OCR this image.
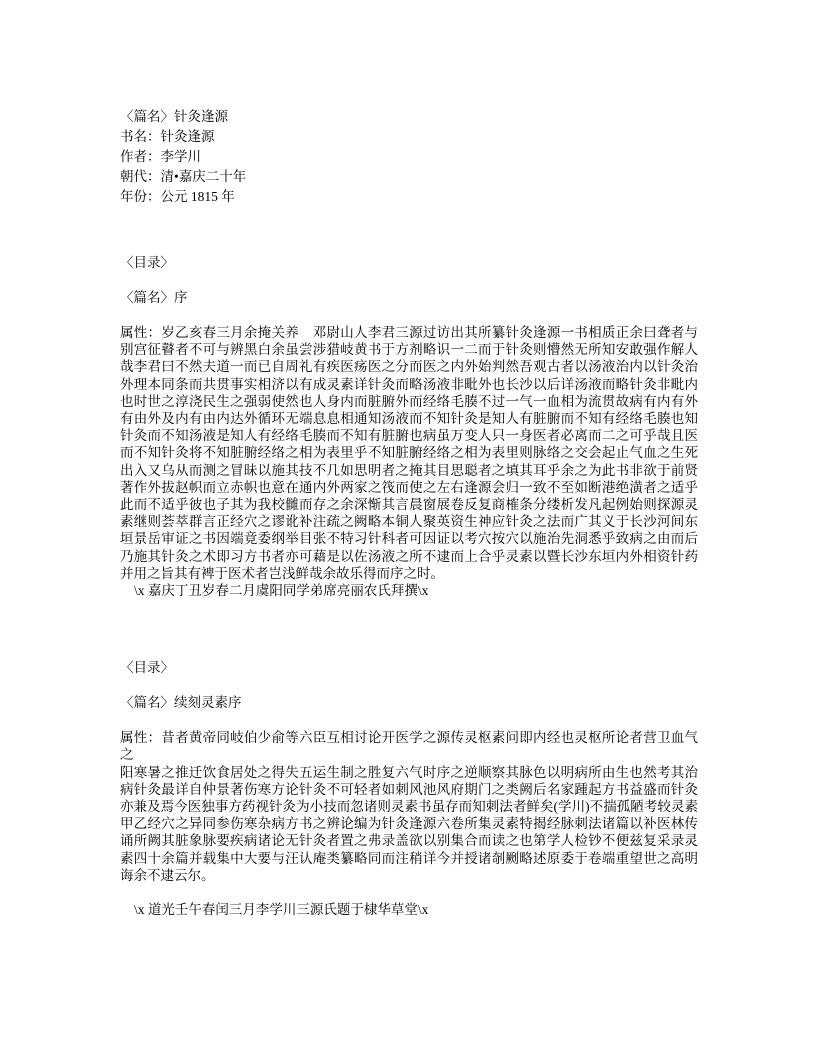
〈篇名〉针灸逢源
书名：针灸逢源
作者：李学川
朝代：清•嘉庆二十年
年份：公元 1815 年
〈目录〉
〈篇名〉序

属性：岁乙亥春三月余掩关养　邓尉山人李君三源过访出其所纂针灸逢源一书相质正余曰聋者与别宫征瞽者不可与辨黑白余虽尝涉猎岐黄书于方剂略识一二而于针灸则懵然无所知安敢强作解人哉李君曰不然夫道一而已自周礼有疾医疡医之分而医之内外始判然吾观古者以汤液治内以针灸治外理本同条而共贯事实相济以有成灵素详针灸而略汤液非毗外也长沙以后详汤液而略针灸非毗内也时世之淳浇民生之强弱使然也人身内而脏腑外而经络毛腠不过一气一血相为流贯故病有内有外有由外及内有由内达外循环无端息息相通知汤液而不知针灸是知人有脏腑而不知有经络毛腠也知针灸而不知汤液是知人有经络毛腠而不知有脏腑也病虽万变人只一身医者必离而二之可乎哉且医而不知针灸将不知脏腑经络之相为表里乎不知脏腑经络之相为表里则脉络之交会起止气血之生死出入又乌从而测之冒昧以施其技不几如思明者之掩其目思聪者之填其耳乎余之为此书非欲于前贤著作外拔赵帜而立赤帜也意在通内外两家之筏而使之左右逢源会归一致不至如断港绝潢者之适乎此而不适乎彼也子其为我校雠而存之余深惭其言晨窗展卷反复商榷条分缕析发凡起例始则探源灵素继则荟萃群言正经穴之谬讹补注疏之阙略本铜人聚英资生神应针灸之法而广其义于长沙河间东垣景岳审证之书因端竟委纲举目张不特习针科者可因证以考穴按穴以施治先洞悉乎致病之由而后乃施其针灸之术即习方书者亦可藉是以佐汤液之所不逮而上合乎灵素以暨长沙东垣内外相资针药并用之旨其有裨于医术者岂浅鲜哉余故乐得而序之时。

\x 嘉庆丁丑岁春二月虞阳同学弟席亮丽农氏拜撰\x

〈目录〉
〈篇名〉续刻灵素序

属性：昔者黄帝同岐伯少俞等六臣互相讨论开医学之源传灵枢素问即内经也灵枢所论者营卫血气之

阳寒暑之推迁饮食居处之得失五运生制之胜复六气时序之逆顺察其脉色以明病所由生也然考其治病针灸最详自仲景著伤寒方论针灸不可轻者如刺风池风府期门之类阙后名家踵起方书益盛而针灸亦兼及焉今医独事方药视针灸为小技而忽诸则灵素书虽存而知刺法者鲜矣(学川)不揣孤陋考较灵素甲乙经穴之异同参伤寒杂病方书之辨论编为针灸逢源六卷所集灵素特揭经脉刺法诸篇以补医林传诵所阙其脏象脉要疾病诸论无针灸者置之弗录盖欲以别集合而读之也第学人检钞不便兹复采录灵素四十余篇并载集中大要与汪认庵类纂略同而注稍详今并授诸剞劂略述原委于卷端重望世之高明诲余不逮云尔。

\x 道光壬午春闰三月李学川三源氏题于棣华草堂\x
